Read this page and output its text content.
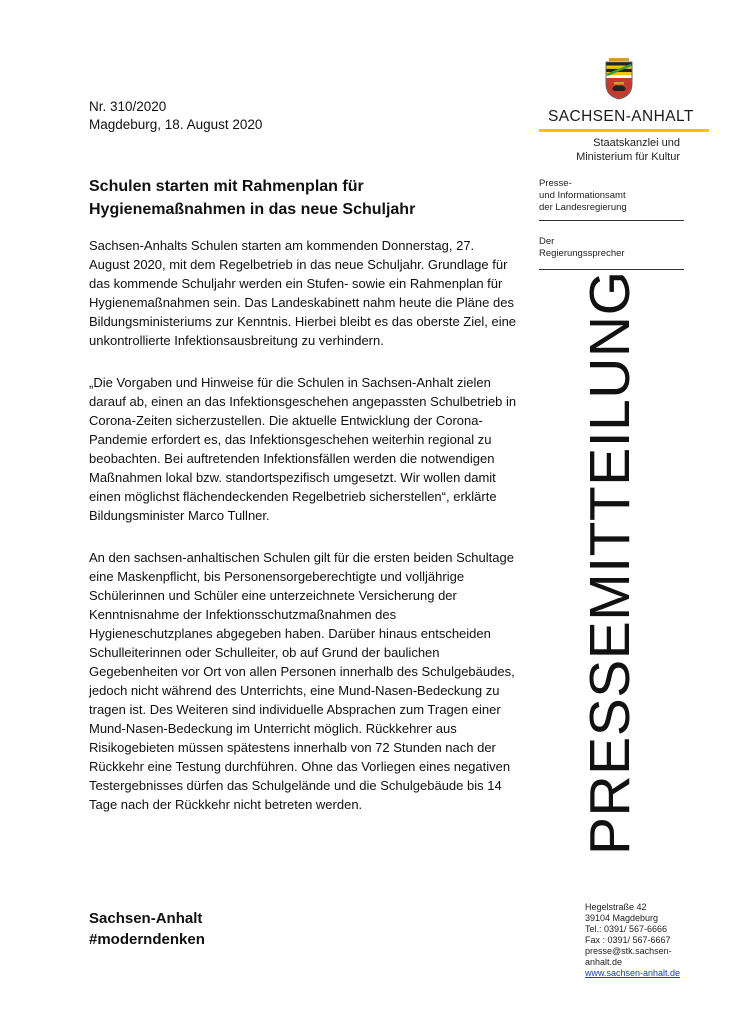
Nr. 310/2020
Magdeburg, 18. August 2020	SACHSEN-ANHALT
Staatskanzlei und
Ministerium für Kultur
Presse-
und Informationsamt
der Landesregierung
Der
Regierungssprecher
PRESSEMITTEILUNG
Schulen starten mit Rahmenplan für
Hygienemaßnahmen in das neue Schuljahr

Sachsen-Anhalts Schulen starten am kommenden Donnerstag, 27.

August 2020, mit dem Regelbetrieb in das neue Schuljahr. Grundlage für

das kommende Schuljahr werden ein Stufen- sowie ein Rahmenplan für

Hygienemaßnahmen sein. Das Landeskabinett nahm heute die Pläne des

Bildungsministeriums zur Kenntnis. Hierbei bleibt es das oberste Ziel, eine

unkontrollierte Infektionsausbreitung zu verhindern.

„Die Vorgaben und Hinweise für die Schulen in Sachsen-Anhalt zielen

darauf ab, einen an das Infektionsgeschehen angepassten Schulbetrieb in

Corona-Zeiten sicherzustellen. Die aktuelle Entwicklung der Corona-

Pandemie erfordert es, das Infektionsgeschehen weiterhin regional zu

beobachten. Bei auftretenden Infektionsfällen werden die notwendigen

Maßnahmen lokal bzw. standortspezifisch umgesetzt. Wir wollen damit

einen möglichst flächendeckenden Regelbetrieb sicherstellen“, erklärte

Bildungsminister Marco Tullner.

An den sachsen-anhaltischen Schulen gilt für die ersten beiden Schultage

eine Maskenpflicht, bis Personensorgeberechtigte und volljährige

Schülerinnen und Schüler eine unterzeichnete Versicherung der

Kenntnisnahme der Infektionsschutzmaßnahmen des

Hygieneschutzplanes abgegeben haben. Darüber hinaus entscheiden

Schulleiterinnen oder Schulleiter, ob auf Grund der baulichen

Gegebenheiten vor Ort von allen Personen innerhalb des Schulgebäudes,

jedoch nicht während des Unterrichts, eine Mund-Nasen-Bedeckung zu

tragen ist. Des Weiteren sind individuelle Absprachen zum Tragen einer

Mund-Nasen-Bedeckung im Unterricht möglich. Rückkehrer aus

Risikogebieten müssen spätestens innerhalb von 72 Stunden nach der

Rückkehr eine Testung durchführen. Ohne das Vorliegen eines negativen

Testergebnisses dürfen das Schulgelände und die Schulgebäude bis 14

Tage nach der Rückkehr nicht betreten werden.

Sachsen-Anhalt
#moderndenken
Hegelstraße 42
39104 Magdeburg
Tel.: 0391/ 567-6666
Fax : 0391/ 567-6667
presse@stk.sachsen-
anhalt.de
www.sachsen-anhalt.de
